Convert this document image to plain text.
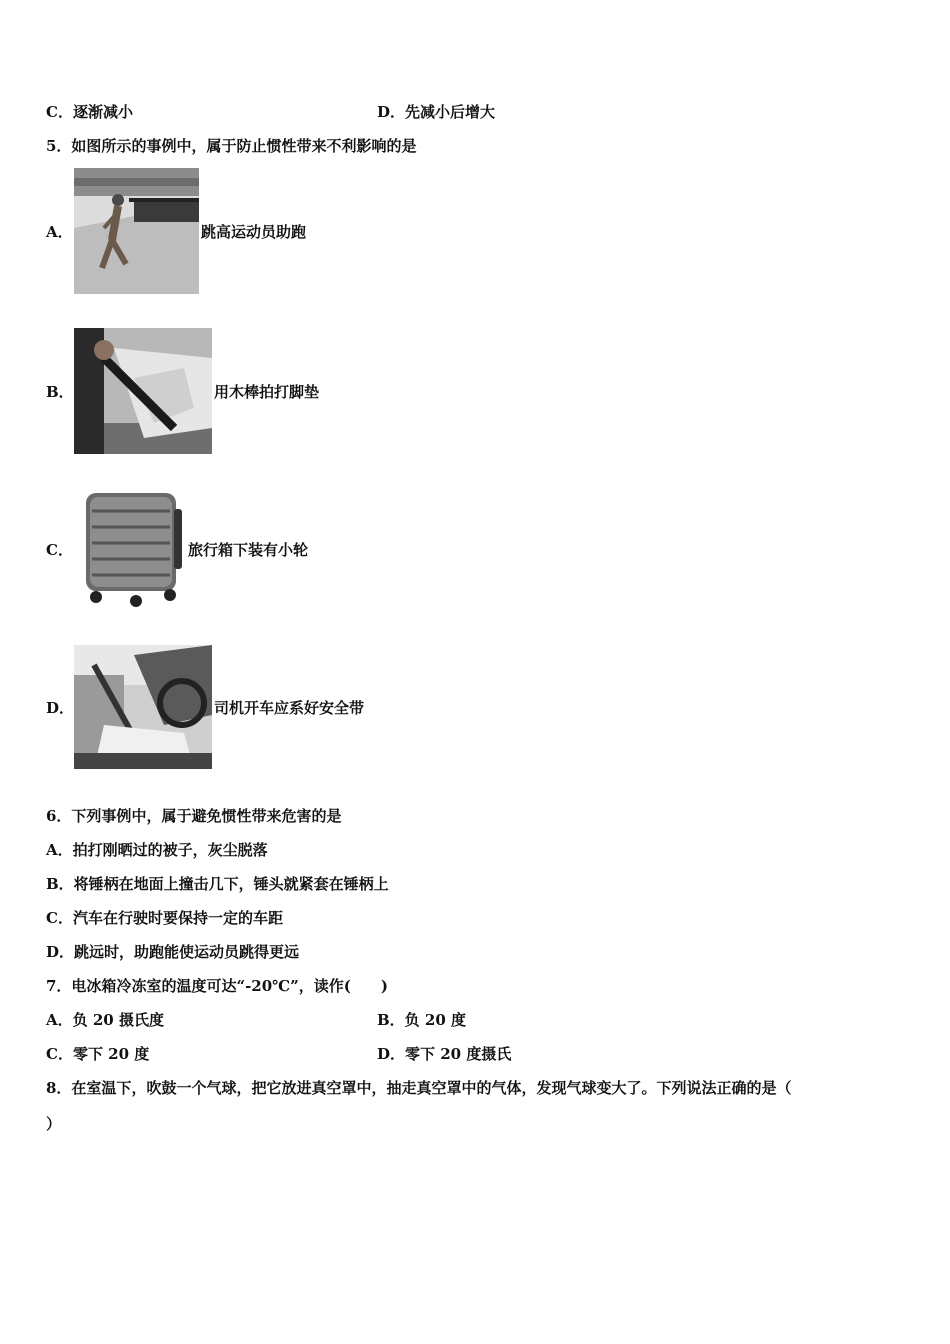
C．逐渐减小	D．先减小后增大
5．如图所示的事例中，属于防止惯性带来不利影响的是
A．	跳高运动员助跑
B．	用木棒拍打脚垫
C．	旅行箱下装有小轮
D．	司机开车应系好安全带
6．下列事例中，属于避免惯性带来危害的是
A．拍打刚晒过的被子，灰尘脱落
B．将锤柄在地面上撞击几下，锤头就紧套在锤柄上
C．汽车在行驶时要保持一定的车距
D．跳远时，助跑能使运动员跳得更远
7．电冰箱冷冻室的温度可达“-20℃”，读作(　　)
A．负 20 摄氏度	B．负 20 度
C．零下 20 度	D．零下 20 度摄氏
8．在室温下，吹鼓一个气球，把它放进真空罩中，抽走真空罩中的气体，发现气球变大了。下列说法正确的是（
）
